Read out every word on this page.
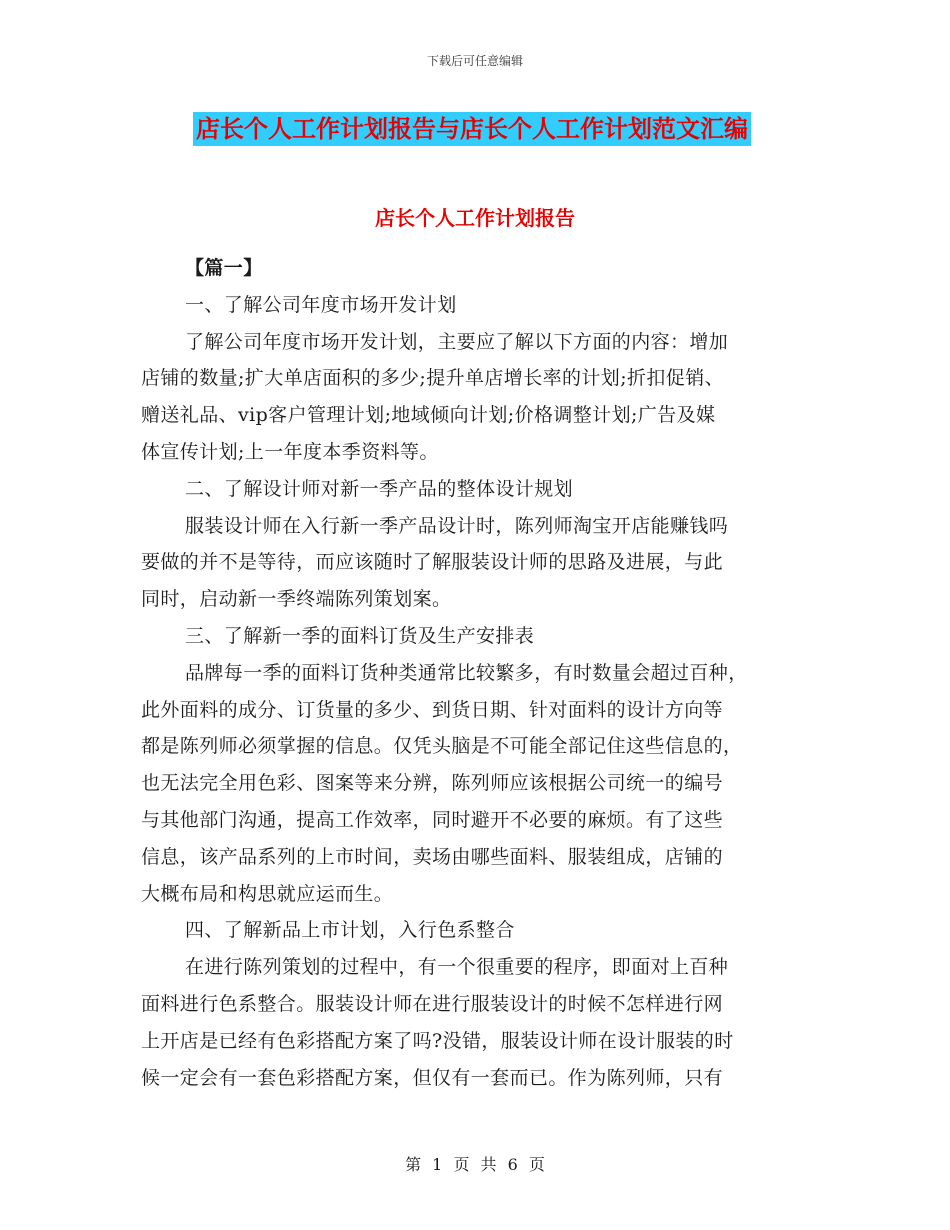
下载后可任意编辑
店长个人工作计划报告与店长个人工作计划范文汇编
店长个人工作计划报告

【篇一】

一、了解公司年度市场开发计划

了解公司年度市场开发计划，主要应了解以下方面的内容：增加

店铺的数量;扩大单店面积的多少;提升单店增长率的计划;折扣促销、

赠送礼品、vip客户管理计划;地域倾向计划;价格调整计划;广告及媒

体宣传计划;上一年度本季资料等。

二、了解设计师对新一季产品的整体设计规划

服装设计师在入行新一季产品设计时，陈列师淘宝开店能赚钱吗

要做的并不是等待，而应该随时了解服装设计师的思路及进展，与此

同时，启动新一季终端陈列策划案。

三、了解新一季的面料订货及生产安排表

品牌每一季的面料订货种类通常比较繁多，有时数量会超过百种，

此外面料的成分、订货量的多少、到货日期、针对面料的设计方向等

都是陈列师必须掌握的信息。仅凭头脑是不可能全部记住这些信息的，

也无法完全用色彩、图案等来分辨，陈列师应该根据公司统一的编号

与其他部门沟通，提高工作效率，同时避开不必要的麻烦。有了这些

信息，该产品系列的上市时间，卖场由哪些面料、服装组成，店铺的

大概布局和构思就应运而生。

四、了解新品上市计划，入行色系整合

在进行陈列策划的过程中，有一个很重要的程序，即面对上百种

面料进行色系整合。服装设计师在进行服装设计的时候不怎样进行网

上开店是已经有色彩搭配方案了吗?没错，服装设计师在设计服装的时

候一定会有一套色彩搭配方案，但仅有一套而已。作为陈列师，只有

第 1 页 共 6 页
